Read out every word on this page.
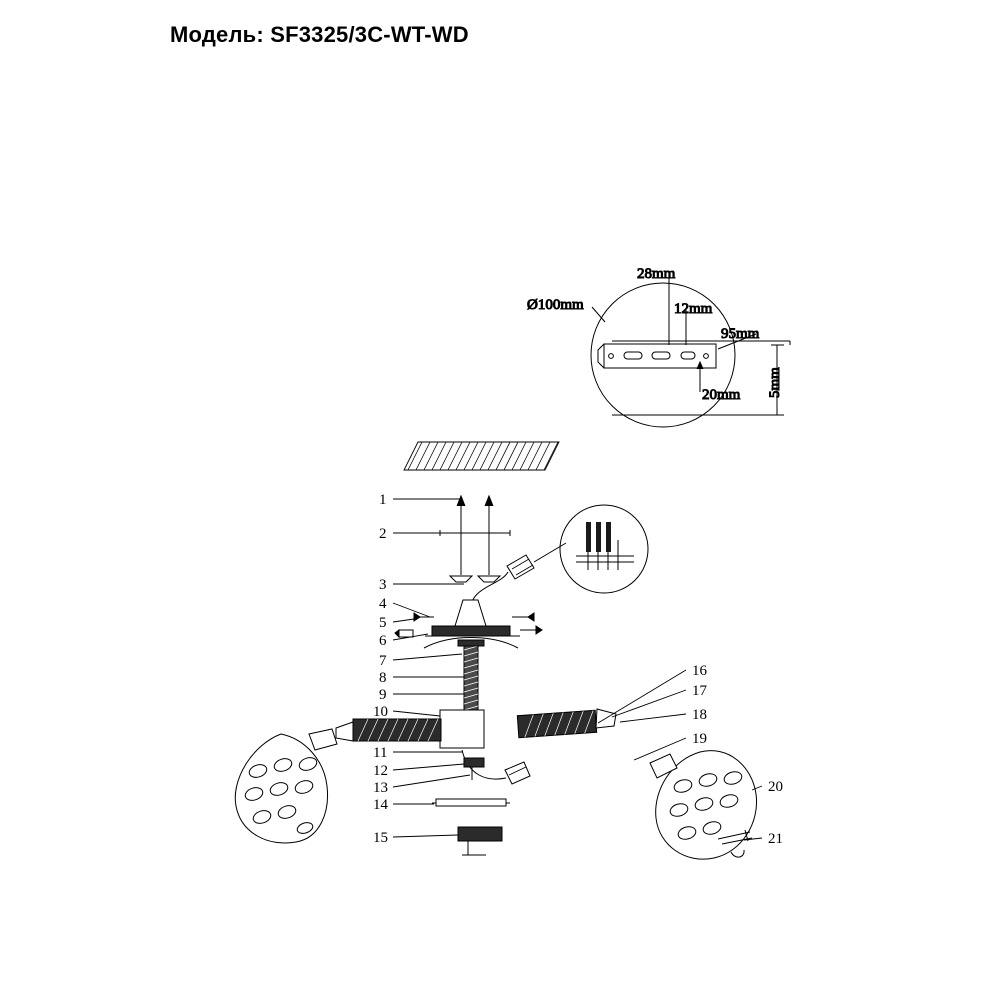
Модель: SF3325/3C-WT-WD
28mm
12mm
95mm
20mm 5mm
Ø100mm
1
2
3
4
5
6
7
8
9
10
11
12
13
14
15
16
17
18
19
20
21
